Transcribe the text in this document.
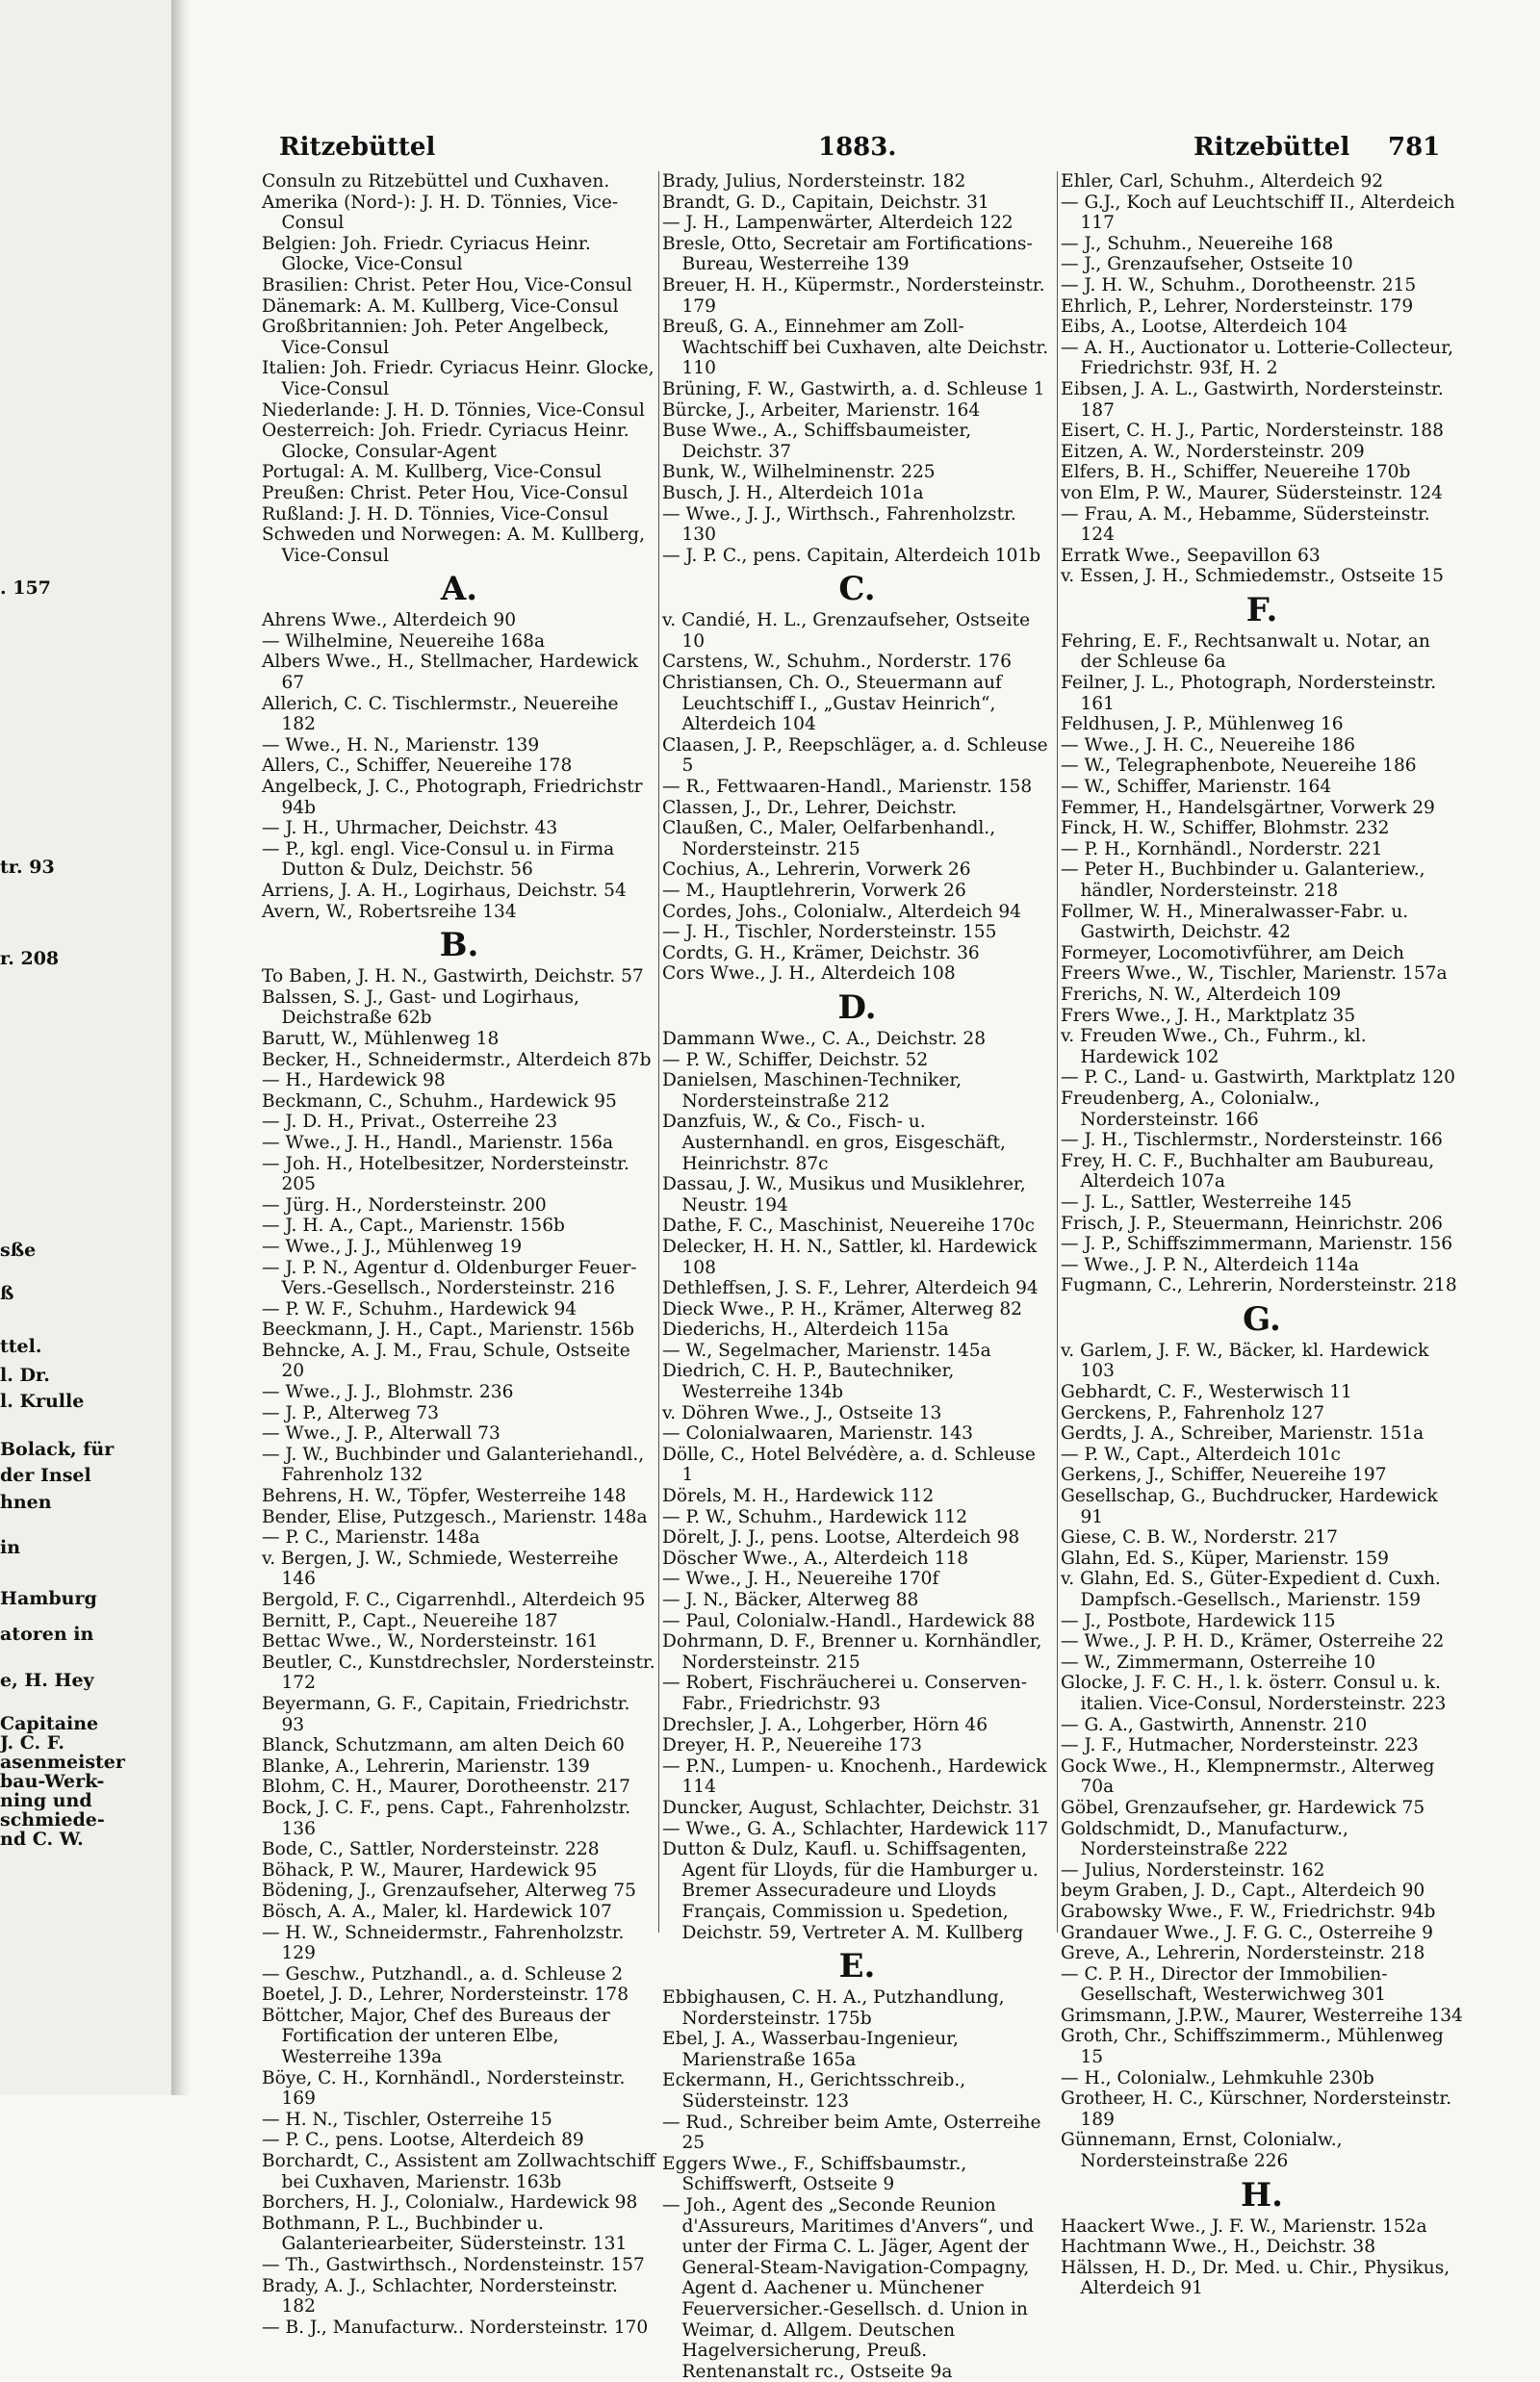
. 157
tr. 93
r. 208
sße
ß
ttel.
l. Dr.
l. Krulle
Bolack, für
der Insel
hnen
in
Hamburg
atoren in
e, H. Hey
Capitaine
J. C. F.
asenmeister
bau-Werk-
ning und
schmiede-
nd C. W.
Ritzebüttel	1883.	Ritzebüttel 781
Consuln zu Ritzebüttel und Cuxhaven.
Amerika (Nord-): J. H. D. Tönnies, Vice-Consul
Belgien: Joh. Friedr. Cyriacus Heinr. Glocke, Vice-Consul
Brasilien: Christ. Peter Hou, Vice-Consul
Dänemark: A. M. Kullberg, Vice-Consul
Großbritannien: Joh. Peter Angelbeck, Vice-Consul
Italien: Joh. Friedr. Cyriacus Heinr. Glocke, Vice-Consul
Niederlande: J. H. D. Tönnies, Vice-Consul
Oesterreich: Joh. Friedr. Cyriacus Heinr. Glocke, Consular-Agent
Portugal: A. M. Kullberg, Vice-Consul
Preußen: Christ. Peter Hou, Vice-Consul
Rußland: J. H. D. Tönnies, Vice-Consul
Schweden und Norwegen: A. M. Kullberg, Vice-Consul
A.
Ahrens Wwe., Alterdeich 90
— Wilhelmine, Neuereihe 168a
Albers Wwe., H., Stellmacher, Hardewick 67
Allerich, C. C. Tischlermstr., Neuereihe 182
— Wwe., H. N., Marienstr. 139
Allers, C., Schiffer, Neuereihe 178
Angelbeck, J. C., Photograph, Friedrichstr 94b
— J. H., Uhrmacher, Deichstr. 43
— P., kgl. engl. Vice-Consul u. in Firma Dutton & Dulz, Deichstr. 56
Arriens, J. A. H., Logirhaus, Deichstr. 54
Avern, W., Robertsreihe 134
B.
To Baben, J. H. N., Gastwirth, Deichstr. 57
Balssen, S. J., Gast- und Logirhaus, Deichstraße 62b
Barutt, W., Mühlenweg 18
Becker, H., Schneidermstr., Alterdeich 87b
— H., Hardewick 98
Beckmann, C., Schuhm., Hardewick 95
— J. D. H., Privat., Osterreihe 23
— Wwe., J. H., Handl., Marienstr. 156a
— Joh. H., Hotelbesitzer, Nordersteinstr. 205
— Jürg. H., Nordersteinstr. 200
— J. H. A., Capt., Marienstr. 156b
— Wwe., J. J., Mühlenweg 19
— J. P. N., Agentur d. Oldenburger Feuer-Vers.-Gesellsch., Nordersteinstr. 216
— P. W. F., Schuhm., Hardewick 94
Beeckmann, J. H., Capt., Marienstr. 156b
Behncke, A. J. M., Frau, Schule, Ostseite 20
— Wwe., J. J., Blohmstr. 236
— J. P., Alterweg 73
— Wwe., J. P., Alterwall 73
— J. W., Buchbinder und Galanteriehandl., Fahrenholz 132
Behrens, H. W., Töpfer, Westerreihe 148
Bender, Elise, Putzgesch., Marienstr. 148a
— P. C., Marienstr. 148a
v. Bergen, J. W., Schmiede, Westerreihe 146
Bergold, F. C., Cigarrenhdl., Alterdeich 95
Bernitt, P., Capt., Neuereihe 187
Bettac Wwe., W., Nordersteinstr. 161
Beutler, C., Kunstdrechsler, Nordersteinstr. 172
Beyermann, G. F., Capitain, Friedrichstr. 93
Blanck, Schutzmann, am alten Deich 60
Blanke, A., Lehrerin, Marienstr. 139
Blohm, C. H., Maurer, Dorotheenstr. 217
Bock, J. C. F., pens. Capt., Fahrenholzstr. 136
Bode, C., Sattler, Nordersteinstr. 228
Böhack, P. W., Maurer, Hardewick 95
Bödening, J., Grenzaufseher, Alterweg 75
Bösch, A. A., Maler, kl. Hardewick 107
— H. W., Schneidermstr., Fahrenholzstr. 129
— Geschw., Putzhandl., a. d. Schleuse 2
Boetel, J. D., Lehrer, Nordersteinstr. 178
Böttcher, Major, Chef des Bureaus der Fortification der unteren Elbe, Westerreihe 139a
Böye, C. H., Kornhändl., Nordersteinstr. 169
— H. N., Tischler, Osterreihe 15
— P. C., pens. Lootse, Alterdeich 89
Borchardt, C., Assistent am Zollwachtschiff bei Cuxhaven, Marienstr. 163b
Borchers, H. J., Colonialw., Hardewick 98
Bothmann, P. L., Buchbinder u. Galanteriearbeiter, Südersteinstr. 131
— Th., Gastwirthsch., Nordensteinstr. 157
Brady, A. J., Schlachter, Nordersteinstr. 182
— B. J., Manufacturw.. Nordersteinstr. 170
Brady, Julius, Nordersteinstr. 182
Brandt, G. D., Capitain, Deichstr. 31
— J. H., Lampenwärter, Alterdeich 122
Bresle, Otto, Secretair am Fortifications-Bureau, Westerreihe 139
Breuer, H. H., Küpermstr., Nordersteinstr. 179
Breuß, G. A., Einnehmer am Zoll-Wachtschiff bei Cuxhaven, alte Deichstr. 110
Brüning, F. W., Gastwirth, a. d. Schleuse 1
Bürcke, J., Arbeiter, Marienstr. 164
Buse Wwe., A., Schiffsbaumeister, Deichstr. 37
Bunk, W., Wilhelminenstr. 225
Busch, J. H., Alterdeich 101a
— Wwe., J. J., Wirthsch., Fahrenholzstr. 130
— J. P. C., pens. Capitain, Alterdeich 101b
C.
v. Candié, H. L., Grenzaufseher, Ostseite 10
Carstens, W., Schuhm., Norderstr. 176
Christiansen, Ch. O., Steuermann auf Leuchtschiff I., „Gustav Heinrich“, Alterdeich 104
Claasen, J. P., Reepschläger, a. d. Schleuse 5
— R., Fettwaaren-Handl., Marienstr. 158
Classen, J., Dr., Lehrer, Deichstr.
Claußen, C., Maler, Oelfarbenhandl., Nordersteinstr. 215
Cochius, A., Lehrerin, Vorwerk 26
— M., Hauptlehrerin, Vorwerk 26
Cordes, Johs., Colonialw., Alterdeich 94
— J. H., Tischler, Nordersteinstr. 155
Cordts, G. H., Krämer, Deichstr. 36
Cors Wwe., J. H., Alterdeich 108
D.
Dammann Wwe., C. A., Deichstr. 28
— P. W., Schiffer, Deichstr. 52
Danielsen, Maschinen-Techniker, Nordersteinstraße 212
Danzfuis, W., & Co., Fisch- u. Austernhandl. en gros, Eisgeschäft, Heinrichstr. 87c
Dassau, J. W., Musikus und Musiklehrer, Neustr. 194
Dathe, F. C., Maschinist, Neuereihe 170c
Delecker, H. H. N., Sattler, kl. Hardewick 108
Dethleffsen, J. S. F., Lehrer, Alterdeich 94
Dieck Wwe., P. H., Krämer, Alterweg 82
Diederichs, H., Alterdeich 115a
— W., Segelmacher, Marienstr. 145a
Diedrich, C. H. P., Bautechniker, Westerreihe 134b
v. Döhren Wwe., J., Ostseite 13
— Colonialwaaren, Marienstr. 143
Dölle, C., Hotel Belvédère, a. d. Schleuse 1
Dörels, M. H., Hardewick 112
— P. W., Schuhm., Hardewick 112
Dörelt, J. J., pens. Lootse, Alterdeich 98
Döscher Wwe., A., Alterdeich 118
— Wwe., J. H., Neuereihe 170f
— J. N., Bäcker, Alterweg 88
— Paul, Colonialw.-Handl., Hardewick 88
Dohrmann, D. F., Brenner u. Kornhändler, Nordersteinstr. 215
— Robert, Fischräucherei u. Conserven-Fabr., Friedrichstr. 93
Drechsler, J. A., Lohgerber, Hörn 46
Dreyer, H. P., Neuereihe 173
— P.N., Lumpen- u. Knochenh., Hardewick 114
Duncker, August, Schlachter, Deichstr. 31
— Wwe., G. A., Schlachter, Hardewick 117
Dutton & Dulz, Kaufl. u. Schiffsagenten, Agent für Lloyds, für die Hamburger u. Bremer Assecuradeure und Lloyds Français, Commission u. Spedetion, Deichstr. 59, Vertreter A. M. Kullberg
E.
Ebbighausen, C. H. A., Putzhandlung, Nordersteinstr. 175b
Ebel, J. A., Wasserbau-Ingenieur, Marienstraße 165a
Eckermann, H., Gerichtsschreib., Südersteinstr. 123
— Rud., Schreiber beim Amte, Osterreihe 25
Eggers Wwe., F., Schiffsbaumstr., Schiffswerft, Ostseite 9
— Joh., Agent des „Seconde Reunion d'Assureurs, Maritimes d'Anvers“, und unter der Firma C. L. Jäger, Agent der General-Steam-Navigation-Compagny, Agent d. Aachener u. Münchener Feuerversicher.-Gesellsch. d. Union in Weimar, d. Allgem. Deutschen Hagelversicherung, Preuß. Rentenanstalt rc., Ostseite 9a
Ehler, Carl, Schuhm., Alterdeich 92
— G.J., Koch auf Leuchtschiff II., Alterdeich 117
— J., Schuhm., Neuereihe 168
— J., Grenzaufseher, Ostseite 10
— J. H. W., Schuhm., Dorotheenstr. 215
Ehrlich, P., Lehrer, Nordersteinstr. 179
Eibs, A., Lootse, Alterdeich 104
— A. H., Auctionator u. Lotterie-Collecteur, Friedrichstr. 93f, H. 2
Eibsen, J. A. L., Gastwirth, Nordersteinstr. 187
Eisert, C. H. J., Partic, Nordersteinstr. 188
Eitzen, A. W., Nordersteinstr. 209
Elfers, B. H., Schiffer, Neuereihe 170b
von Elm, P. W., Maurer, Südersteinstr. 124
— Frau, A. M., Hebamme, Südersteinstr. 124
Erratk Wwe., Seepavillon 63
v. Essen, J. H., Schmiedemstr., Ostseite 15
F.
Fehring, E. F., Rechtsanwalt u. Notar, an der Schleuse 6a
Feilner, J. L., Photograph, Nordersteinstr. 161
Feldhusen, J. P., Mühlenweg 16
— Wwe., J. H. C., Neuereihe 186
— W., Telegraphenbote, Neuereihe 186
— W., Schiffer, Marienstr. 164
Femmer, H., Handelsgärtner, Vorwerk 29
Finck, H. W., Schiffer, Blohmstr. 232
— P. H., Kornhändl., Norderstr. 221
— Peter H., Buchbinder u. Galanteriew., händler, Nordersteinstr. 218
Follmer, W. H., Mineralwasser-Fabr. u. Gastwirth, Deichstr. 42
Formeyer, Locomotivführer, am Deich
Freers Wwe., W., Tischler, Marienstr. 157a
Frerichs, N. W., Alterdeich 109
Frers Wwe., J. H., Marktplatz 35
v. Freuden Wwe., Ch., Fuhrm., kl. Hardewick 102
— P. C., Land- u. Gastwirth, Marktplatz 120
Freudenberg, A., Colonialw., Nordersteinstr. 166
— J. H., Tischlermstr., Nordersteinstr. 166
Frey, H. C. F., Buchhalter am Baubureau, Alterdeich 107a
— J. L., Sattler, Westerreihe 145
Frisch, J. P., Steuermann, Heinrichstr. 206
— J. P., Schiffszimmermann, Marienstr. 156
— Wwe., J. P. N., Alterdeich 114a
Fugmann, C., Lehrerin, Nordersteinstr. 218
G.
v. Garlem, J. F. W., Bäcker, kl. Hardewick 103
Gebhardt, C. F., Westerwisch 11
Gerckens, P., Fahrenholz 127
Gerdts, J. A., Schreiber, Marienstr. 151a
— P. W., Capt., Alterdeich 101c
Gerkens, J., Schiffer, Neuereihe 197
Gesellschap, G., Buchdrucker, Hardewick 91
Giese, C. B. W., Norderstr. 217
Glahn, Ed. S., Küper, Marienstr. 159
v. Glahn, Ed. S., Güter-Expedient d. Cuxh. Dampfsch.-Gesellsch., Marienstr. 159
— J., Postbote, Hardewick 115
— Wwe., J. P. H. D., Krämer, Osterreihe 22
— W., Zimmermann, Osterreihe 10
Glocke, J. F. C. H., l. k. österr. Consul u. k. italien. Vice-Consul, Nordersteinstr. 223
— G. A., Gastwirth, Annenstr. 210
— J. F., Hutmacher, Nordersteinstr. 223
Gock Wwe., H., Klempnermstr., Alterweg 70a
Göbel, Grenzaufseher, gr. Hardewick 75
Goldschmidt, D., Manufacturw., Nordersteinstraße 222
— Julius, Nordersteinstr. 162
beym Graben, J. D., Capt., Alterdeich 90
Grabowsky Wwe., F. W., Friedrichstr. 94b
Grandauer Wwe., J. F. G. C., Osterreihe 9
Greve, A., Lehrerin, Nordersteinstr. 218
— C. P. H., Director der Immobilien-Gesellschaft, Westerwichweg 301
Grimsmann, J.P.W., Maurer, Westerreihe 134
Groth, Chr., Schiffszimmerm., Mühlenweg 15
— H., Colonialw., Lehmkuhle 230b
Grotheer, H. C., Kürschner, Nordersteinstr. 189
Günnemann, Ernst, Colonialw., Nordersteinstraße 226
H.
Haackert Wwe., J. F. W., Marienstr. 152a
Hachtmann Wwe., H., Deichstr. 38
Hälssen, H. D., Dr. Med. u. Chir., Physikus, Alterdeich 91
